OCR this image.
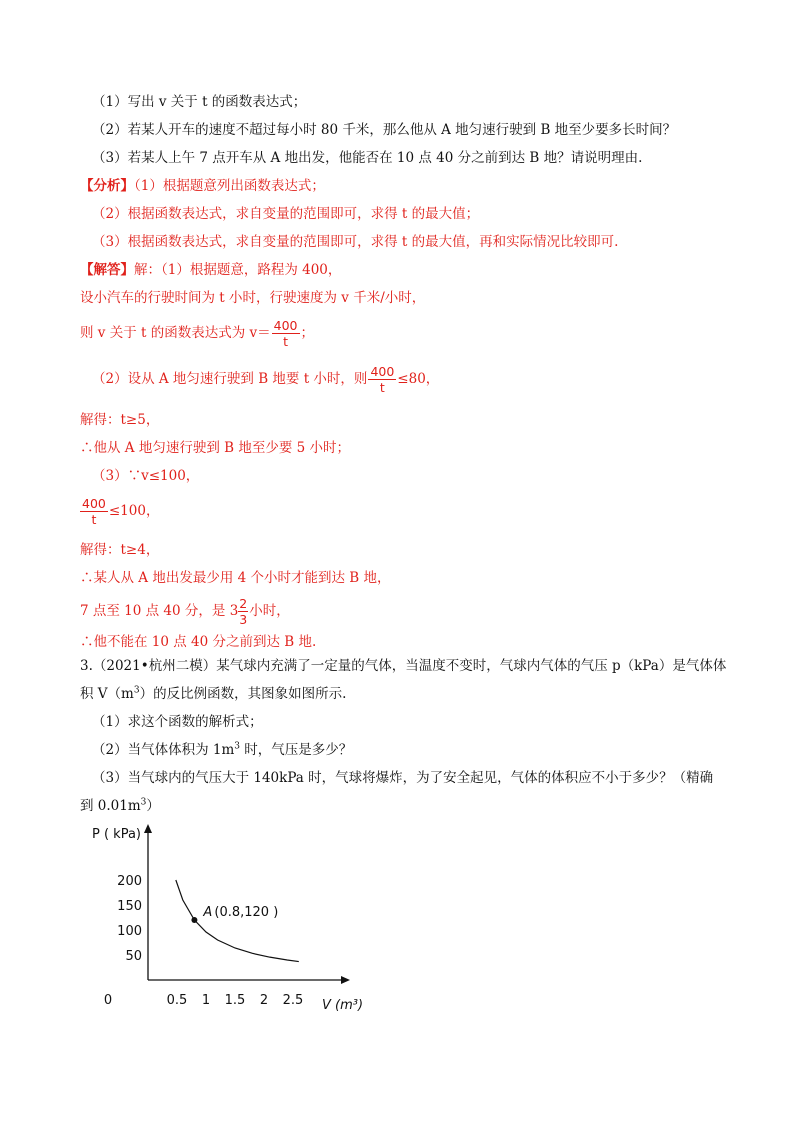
（1）写出 v 关于 t 的函数表达式；
（2）若某人开车的速度不超过每小时 80 千米，那么他从 A 地匀速行驶到 B 地至少要多长时间？
（3）若某人上午 7 点开车从 A 地出发，他能否在 10 点 40 分之前到达 B 地？请说明理由.
【分析】（1）根据题意列出函数表达式；
（2）根据函数表达式，求自变量的范围即可，求得 t 的最大值；
（3）根据函数表达式，求自变量的范围即可，求得 t 的最大值，再和实际情况比较即可.
【解答】解：（1）根据题意，路程为 400，
设小汽车的行驶时间为 t 小时，行驶速度为 v 千米/小时，
则 v 关于 t 的函数表达式为 $v= \frac{400}{t}$ ；
（2）设从 A 地匀速行驶到 B 地要 t 小时，则 $\frac{400}{t} \le 80$，
解得：t≥5，
∴他从 A 地匀速行驶到 B 地至少要 5 小时；
（3）∵v≤100，
$\frac{400}{t} \le 100$，
解得：t≥4，
∴某人从 A 地出发最少用 4 个小时才能到达 B 地，
7 点至 10 点 40 分，是 $3 \frac{2}{3}$ 小时，
∴他不能在 10 点 40 分之前到达 B 地.
3.（2021•杭州二模）某气球内充满了一定量的气体，当温度不变时，气球内气体的气压 p（kPa）是气体体
积 $V(m^3)$的反比例函数，其图象如图所示.
（1）求这个函数的解析式；
（2）当气体体积为 $1m^3$ 时，气压是多少？
（3）当气球内的气压大于 140kPa 时，气球将爆炸，为了安全起见，气体的体积应不小于多少？（精确
到 $0.01m^3$）
0.5 1 1.5 2 2.5
50
100
150
200
0
P ( kPa)
V (m³)
A (0.8,120 )
